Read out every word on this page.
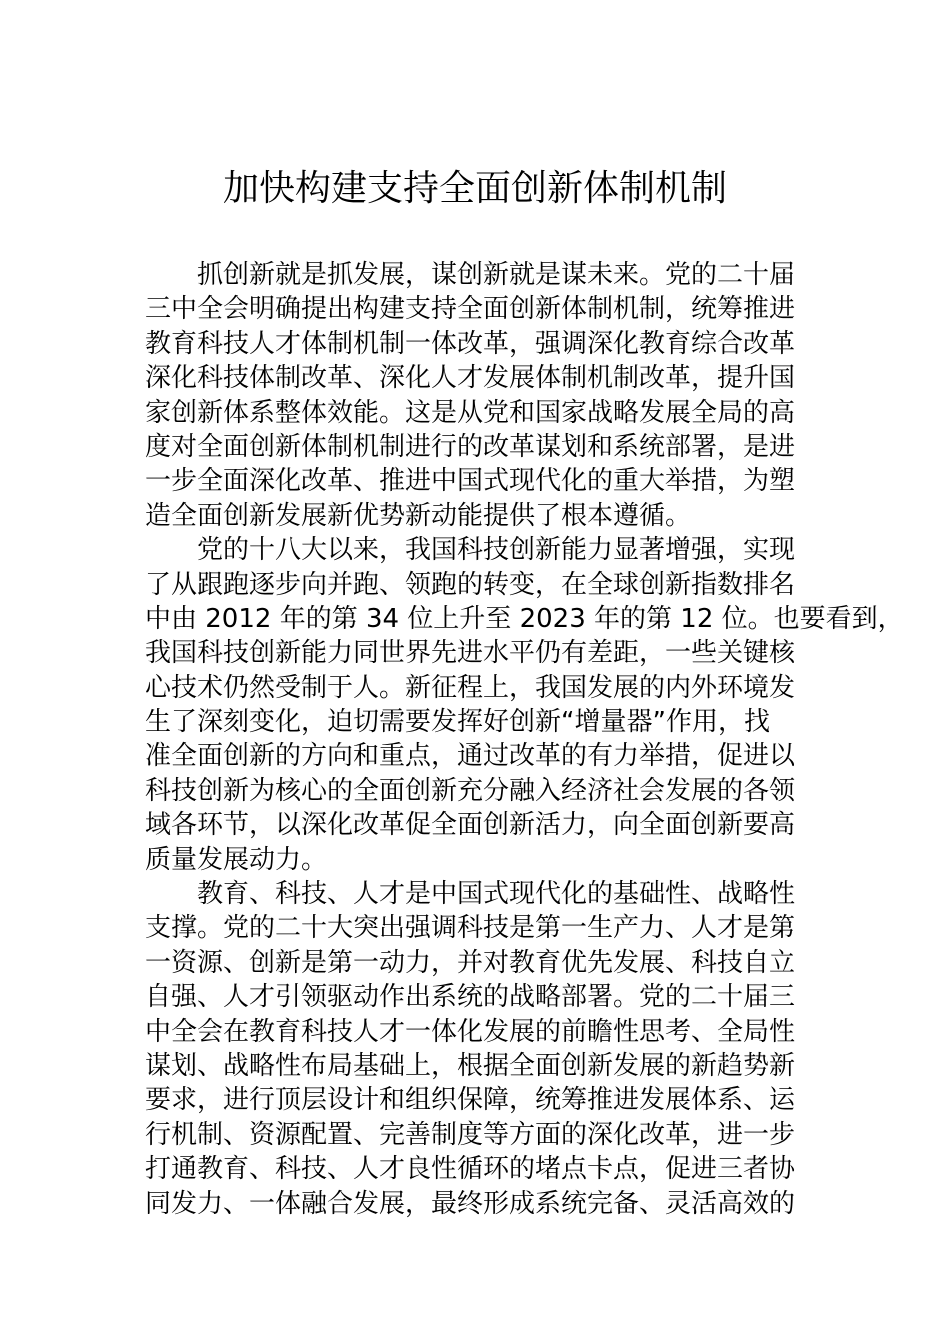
加快构建支持全面创新体制机制
抓创新就是抓发展，谋创新就是谋未来。党的二十届
三中全会明确提出构建支持全面创新体制机制，统筹推进
教育科技人才体制机制一体改革，强调深化教育综合改革
深化科技体制改革、深化人才发展体制机制改革，提升国
家创新体系整体效能。这是从党和国家战略发展全局的高
度对全面创新体制机制进行的改革谋划和系统部署，是进
一步全面深化改革、推进中国式现代化的重大举措，为塑
造全面创新发展新优势新动能提供了根本遵循。
党的十八大以来，我国科技创新能力显著增强，实现
了从跟跑逐步向并跑、领跑的转变，在全球创新指数排名
中由 2012 年的第 34 位上升至 2023 年的第 12 位。也要看到，
我国科技创新能力同世界先进水平仍有差距，一些关键核
心技术仍然受制于人。新征程上，我国发展的内外环境发
生了深刻变化，迫切需要发挥好创新“增量器”作用，找
准全面创新的方向和重点，通过改革的有力举措，促进以
科技创新为核心的全面创新充分融入经济社会发展的各领
域各环节，以深化改革促全面创新活力，向全面创新要高
质量发展动力。
教育、科技、人才是中国式现代化的基础性、战略性
支撑。党的二十大突出强调科技是第一生产力、人才是第
一资源、创新是第一动力，并对教育优先发展、科技自立
自强、人才引领驱动作出系统的战略部署。党的二十届三
中全会在教育科技人才一体化发展的前瞻性思考、全局性
谋划、战略性布局基础上，根据全面创新发展的新趋势新
要求，进行顶层设计和组织保障，统筹推进发展体系、运
行机制、资源配置、完善制度等方面的深化改革，进一步
打通教育、科技、人才良性循环的堵点卡点，促进三者协
同发力、一体融合发展，最终形成系统完备、灵活高效的
